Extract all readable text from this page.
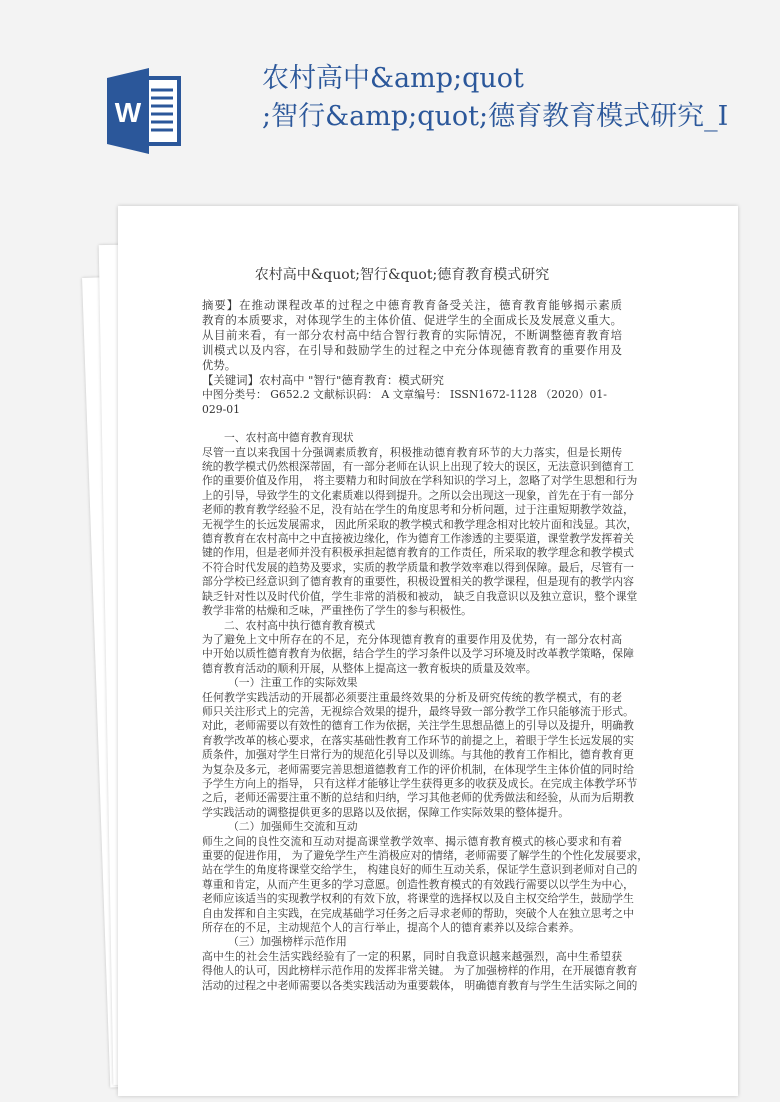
W
农村高中&amp;quot
;智行&amp;quot;德育教育模式研究_I
农村高中&quot;智行&quot;德育教育模式研究
摘要】在推动课程改革的过程之中德育教育备受关注，德育教育能够揭示素质
教育的本质要求，对体现学生的主体价值、促进学生的全面成长及发展意义重大。
从目前来看，有一部分农村高中结合智行教育的实际情况，不断调整德育教育培
训模式以及内容，在引导和鼓励学生的过程之中充分体现德育教育的重要作用及
优势。
【关键词】农村高中 "智行"德育教育：模式研究
中图分类号： G652.2 文献标识码： A 文章编号： ISSN1672-1128 （2020）01-
029-01
一、农村高中德育教育现状
尽管一直以来我国十分强调素质教育，积极推动德育教育环节的大力落实，但是长期传
统的教学模式仍然根深蒂固，有一部分老师在认识上出现了较大的误区，无法意识到德育工
作的重要价值及作用， 将主要精力和时间放在学科知识的学习上，忽略了对学生思想和行为
上的引导，导致学生的文化素质难以得到提升。之所以会出现这一现象，首先在于有一部分
老师的教育教学经验不足，没有站在学生的角度思考和分析问题，过于注重短期教学效益，
无视学生的长远发展需求， 因此所采取的教学模式和教学理念相对比较片面和浅显。其次，
德育教育在农村高中之中直接被边缘化，作为德育工作渗透的主要渠道，课堂教学发挥着关
键的作用，但是老师并没有积极承担起德育教育的工作责任，所采取的教学理念和教学模式
不符合时代发展的趋势及要求，实质的教学质量和教学效率难以得到保障。最后，尽管有一
部分学校已经意识到了德育教育的重要性，积极设置相关的教学课程，但是现有的教学内容
缺乏针对性以及时代价值，学生非常的消极和被动， 缺乏自我意识以及独立意识，整个课堂
教学非常的枯燥和乏味，严重挫伤了学生的参与积极性。
二、农村高中执行德育教育模式
为了避免上文中所存在的不足，充分体现德育教育的重要作用及优势，有一部分农村高
中开始以质性德育教育为依据，结合学生的学习条件以及学习环境及时改革教学策略，保障
德育教育活动的顺利开展，从整体上提高这一教育板块的质量及效率。
（一）注重工作的实际效果
任何教学实践活动的开展都必须要注重最终效果的分析及研究传统的教学模式，有的老
师只关注形式上的完善，无视综合效果的提升，最终导致一部分教学工作只能够流于形式。
对此，老师需要以有效性的德育工作为依据，关注学生思想品德上的引导以及提升，明确教
育教学改革的核心要求，在落实基础性教育工作环节的前提之上，着眼于学生长远发展的实
质条件，加强对学生日常行为的规范化引导以及训练。与其他的教育工作相比，德育教育更
为复杂及多元，老师需要完善思想道德教育工作的评价机制，在体现学生主体价值的同时给
予学生方向上的指导， 只有这样才能够让学生获得更多的收获及成长。在完成主体教学环节
之后，老师还需要注重不断的总结和归纳，学习其他老师的优秀做法和经验，从而为后期教
学实践活动的调整提供更多的思路以及依据，保障工作实际效果的整体提升。
（二）加强师生交流和互动
师生之间的良性交流和互动对提高课堂教学效率、揭示德育教育模式的核心要求和有着
重要的促进作用， 为了避免学生产生消极应对的情绪，老师需要了解学生的个性化发展要求，
站在学生的角度将课堂交给学生， 构建良好的师生互动关系，保证学生意识到老师对自己的
尊重和肯定，从而产生更多的学习意愿。创造性教育模式的有效践行需要以以学生为中心，
老师应该适当的实现教学权利的有效下放，将课堂的选择权以及自主权交给学生，鼓励学生
自由发挥和自主实践，在完成基础学习任务之后寻求老师的帮助，突破个人在独立思考之中
所存在的不足，主动规范个人的言行举止，提高个人的德育素养以及综合素养。
（三）加强榜样示范作用
高中生的社会生活实践经验有了一定的积累，同时自我意识越来越强烈，高中生希望获
得他人的认可，因此榜样示范作用的发挥非常关键。 为了加强榜样的作用，在开展德育教育
活动的过程之中老师需要以各类实践活动为重要载体， 明确德育教育与学生生活实际之间的
